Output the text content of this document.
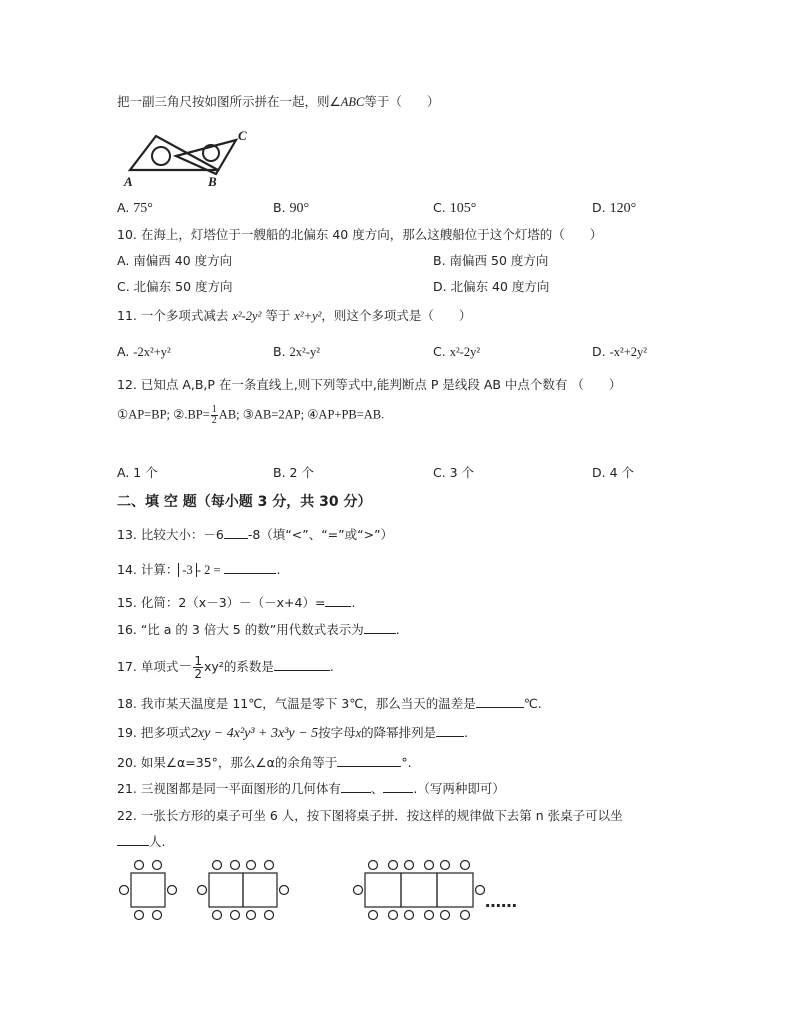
把一副三角尺按如图所示拼在一起，则∠ABC等于（　　）
A	B
C
A. 75°	B. 90°	C. 105°	D. 120°
10. 在海上，灯塔位于一艘船的北偏东 40 度方向，那么这艘船位于这个灯塔的（　　）
A. 南偏西 40 度方向	B. 南偏西 50 度方向
C. 北偏东 50 度方向	D. 北偏东 40 度方向
11. 一个多项式减去 x²-2y² 等于 x²+y²，则这个多项式是（　　）
A. -2x²+y²	B. 2x²-y²	C. x²-2y²	D. -x²+2y²
12. 已知点 A,B,P 在一条直线上,则下列等式中,能判断点 P 是线段 AB 中点个数有 （　　）
①AP=BP; ②.BP= $\frac{1}{2}$ AB; ③AB=2AP; ④AP+PB=AB.
A. 1 个	B. 2 个	C. 3 个	D. 4 个
二、填 空 题（每小题 3 分，共 30 分）
13. 比较大小：－6 -8（填“<”、“=”或“>”）
14. 计算： -3 - 2 =	.
15. 化简：2（x－3）－（－x+4）= .
16. “比 a 的 3 倍大 5 的数”用代数式表示为	.
17. 单项式－ $\frac{1}{2} xy^2$的系数是	.
18. 我市某天温度是 11℃，气温是零下 3℃，那么当天的温差是	℃.
19. 把多项式2xy − 4x²y³ + 3x³y − 5按字母x的降幂排列是 .
20. 如果∠α=35°，那么∠α的余角等于	°.
21. 三视图都是同一平面图形的几何体有 、 .（写两种即可）
22. 一张长方形的桌子可坐 6 人，按下图将桌子拼．按这样的规律做下去第 n 张桌子可以坐
人.
……
